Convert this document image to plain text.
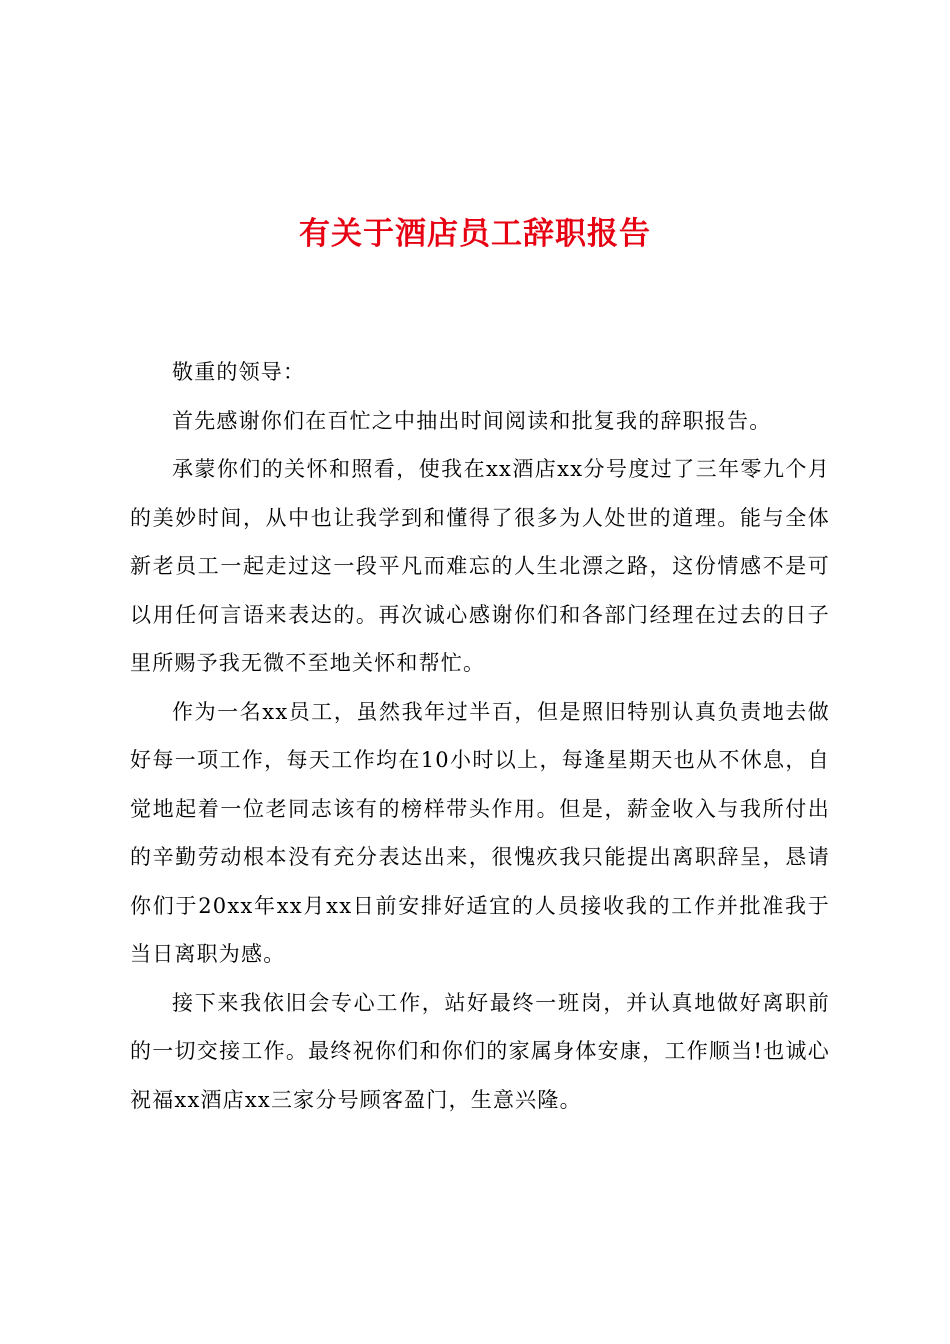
有关于酒店员工辞职报告

敬重的领导：

首先感谢你们在百忙之中抽出时间阅读和批复我的辞职报告。

承蒙你们的关怀和照看，使我在xx酒店xx分号度过了三年零九个月的美妙时间，从中也让我学到和懂得了很多为人处世的道理。能与全体新老员工一起走过这一段平凡而难忘的人生北漂之路，这份情感不是可以用任何言语来表达的。再次诚心感谢你们和各部门经理在过去的日子里所赐予我无微不至地关怀和帮忙。

作为一名xx员工，虽然我年过半百，但是照旧特别认真负责地去做好每一项工作，每天工作均在10小时以上，每逢星期天也从不休息，自觉地起着一位老同志该有的榜样带头作用。但是，薪金收入与我所付出的辛勤劳动根本没有充分表达出来，很愧疚我只能提出离职辞呈，恳请你们于20xx年xx月xx日前安排好适宜的人员接收我的工作并批准我于当日离职为感。

接下来我依旧会专心工作，站好最终一班岗，并认真地做好离职前的一切交接工作。最终祝你们和你们的家属身体安康，工作顺当!也诚心祝福xx酒店xx三家分号顾客盈门，生意兴隆。
